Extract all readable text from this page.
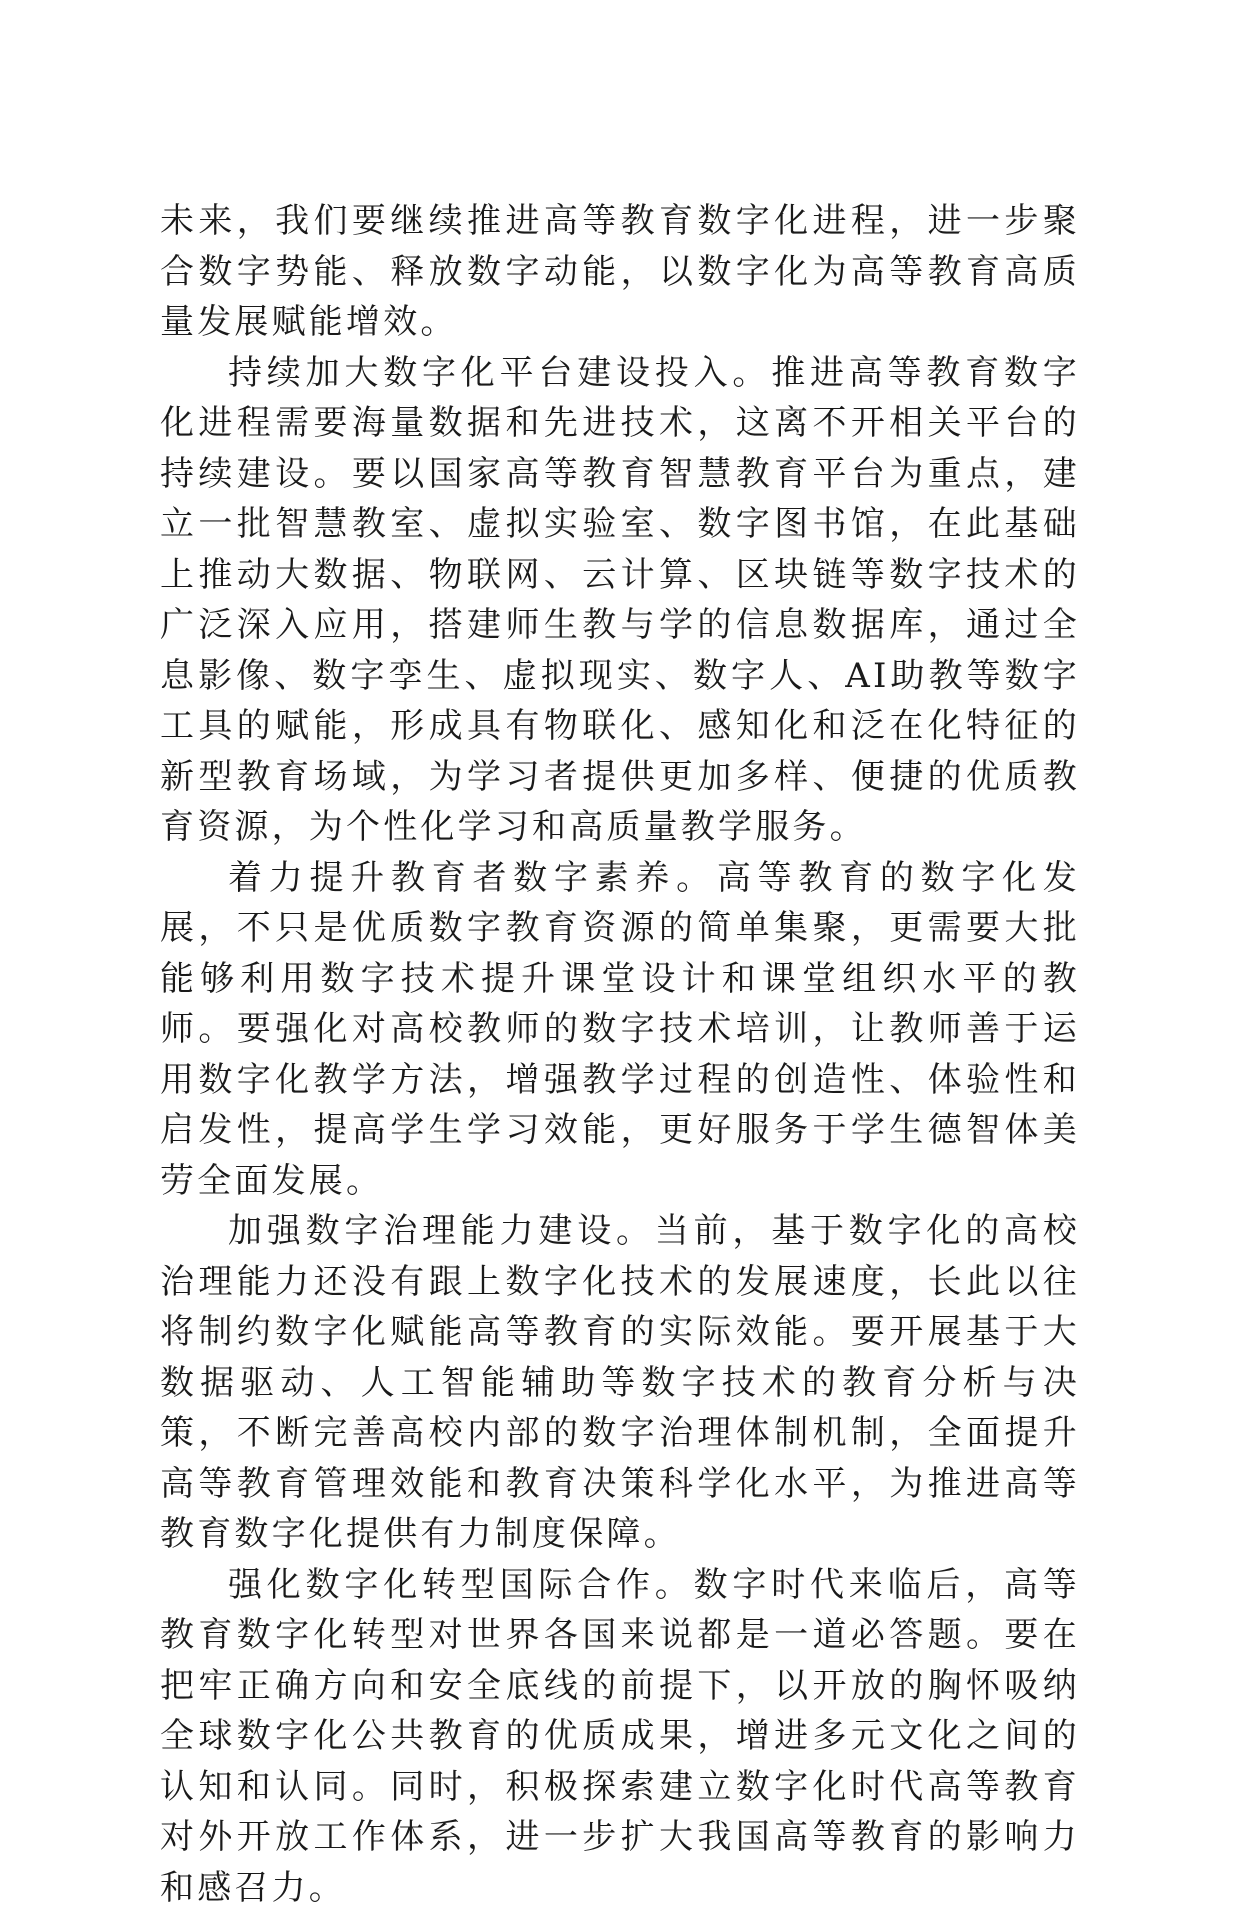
未来，我们要继续推进高等教育数字化进程，进一步聚合数字势能、释放数字动能，以数字化为高等教育高质量发展赋能增效。

持续加大数字化平台建设投入。推进高等教育数字化进程需要海量数据和先进技术，这离不开相关平台的持续建设。要以国家高等教育智慧教育平台为重点，建立一批智慧教室、虚拟实验室、数字图书馆，在此基础上推动大数据、物联网、云计算、区块链等数字技术的广泛深入应用，搭建师生教与学的信息数据库，通过全息影像、数字孪生、虚拟现实、数字人、AI助教等数字工具的赋能，形成具有物联化、感知化和泛在化特征的新型教育场域，为学习者提供更加多样、便捷的优质教育资源，为个性化学习和高质量教学服务。

着力提升教育者数字素养。高等教育的数字化发展，不只是优质数字教育资源的简单集聚，更需要大批能够利用数字技术提升课堂设计和课堂组织水平的教师。要强化对高校教师的数字技术培训，让教师善于运用数字化教学方法，增强教学过程的创造性、体验性和启发性，提高学生学习效能，更好服务于学生德智体美劳全面发展。

加强数字治理能力建设。当前，基于数字化的高校治理能力还没有跟上数字化技术的发展速度，长此以往将制约数字化赋能高等教育的实际效能。要开展基于大数据驱动、人工智能辅助等数字技术的教育分析与决策，不断完善高校内部的数字治理体制机制，全面提升高等教育管理效能和教育决策科学化水平，为推进高等教育数字化提供有力制度保障。

强化数字化转型国际合作。数字时代来临后，高等教育数字化转型对世界各国来说都是一道必答题。要在把牢正确方向和安全底线的前提下，以开放的胸怀吸纳全球数字化公共教育的优质成果，增进多元文化之间的认知和认同。同时，积极探索建立数字化时代高等教育对外开放工作体系，进一步扩大我国高等教育的影响力和感召力。
